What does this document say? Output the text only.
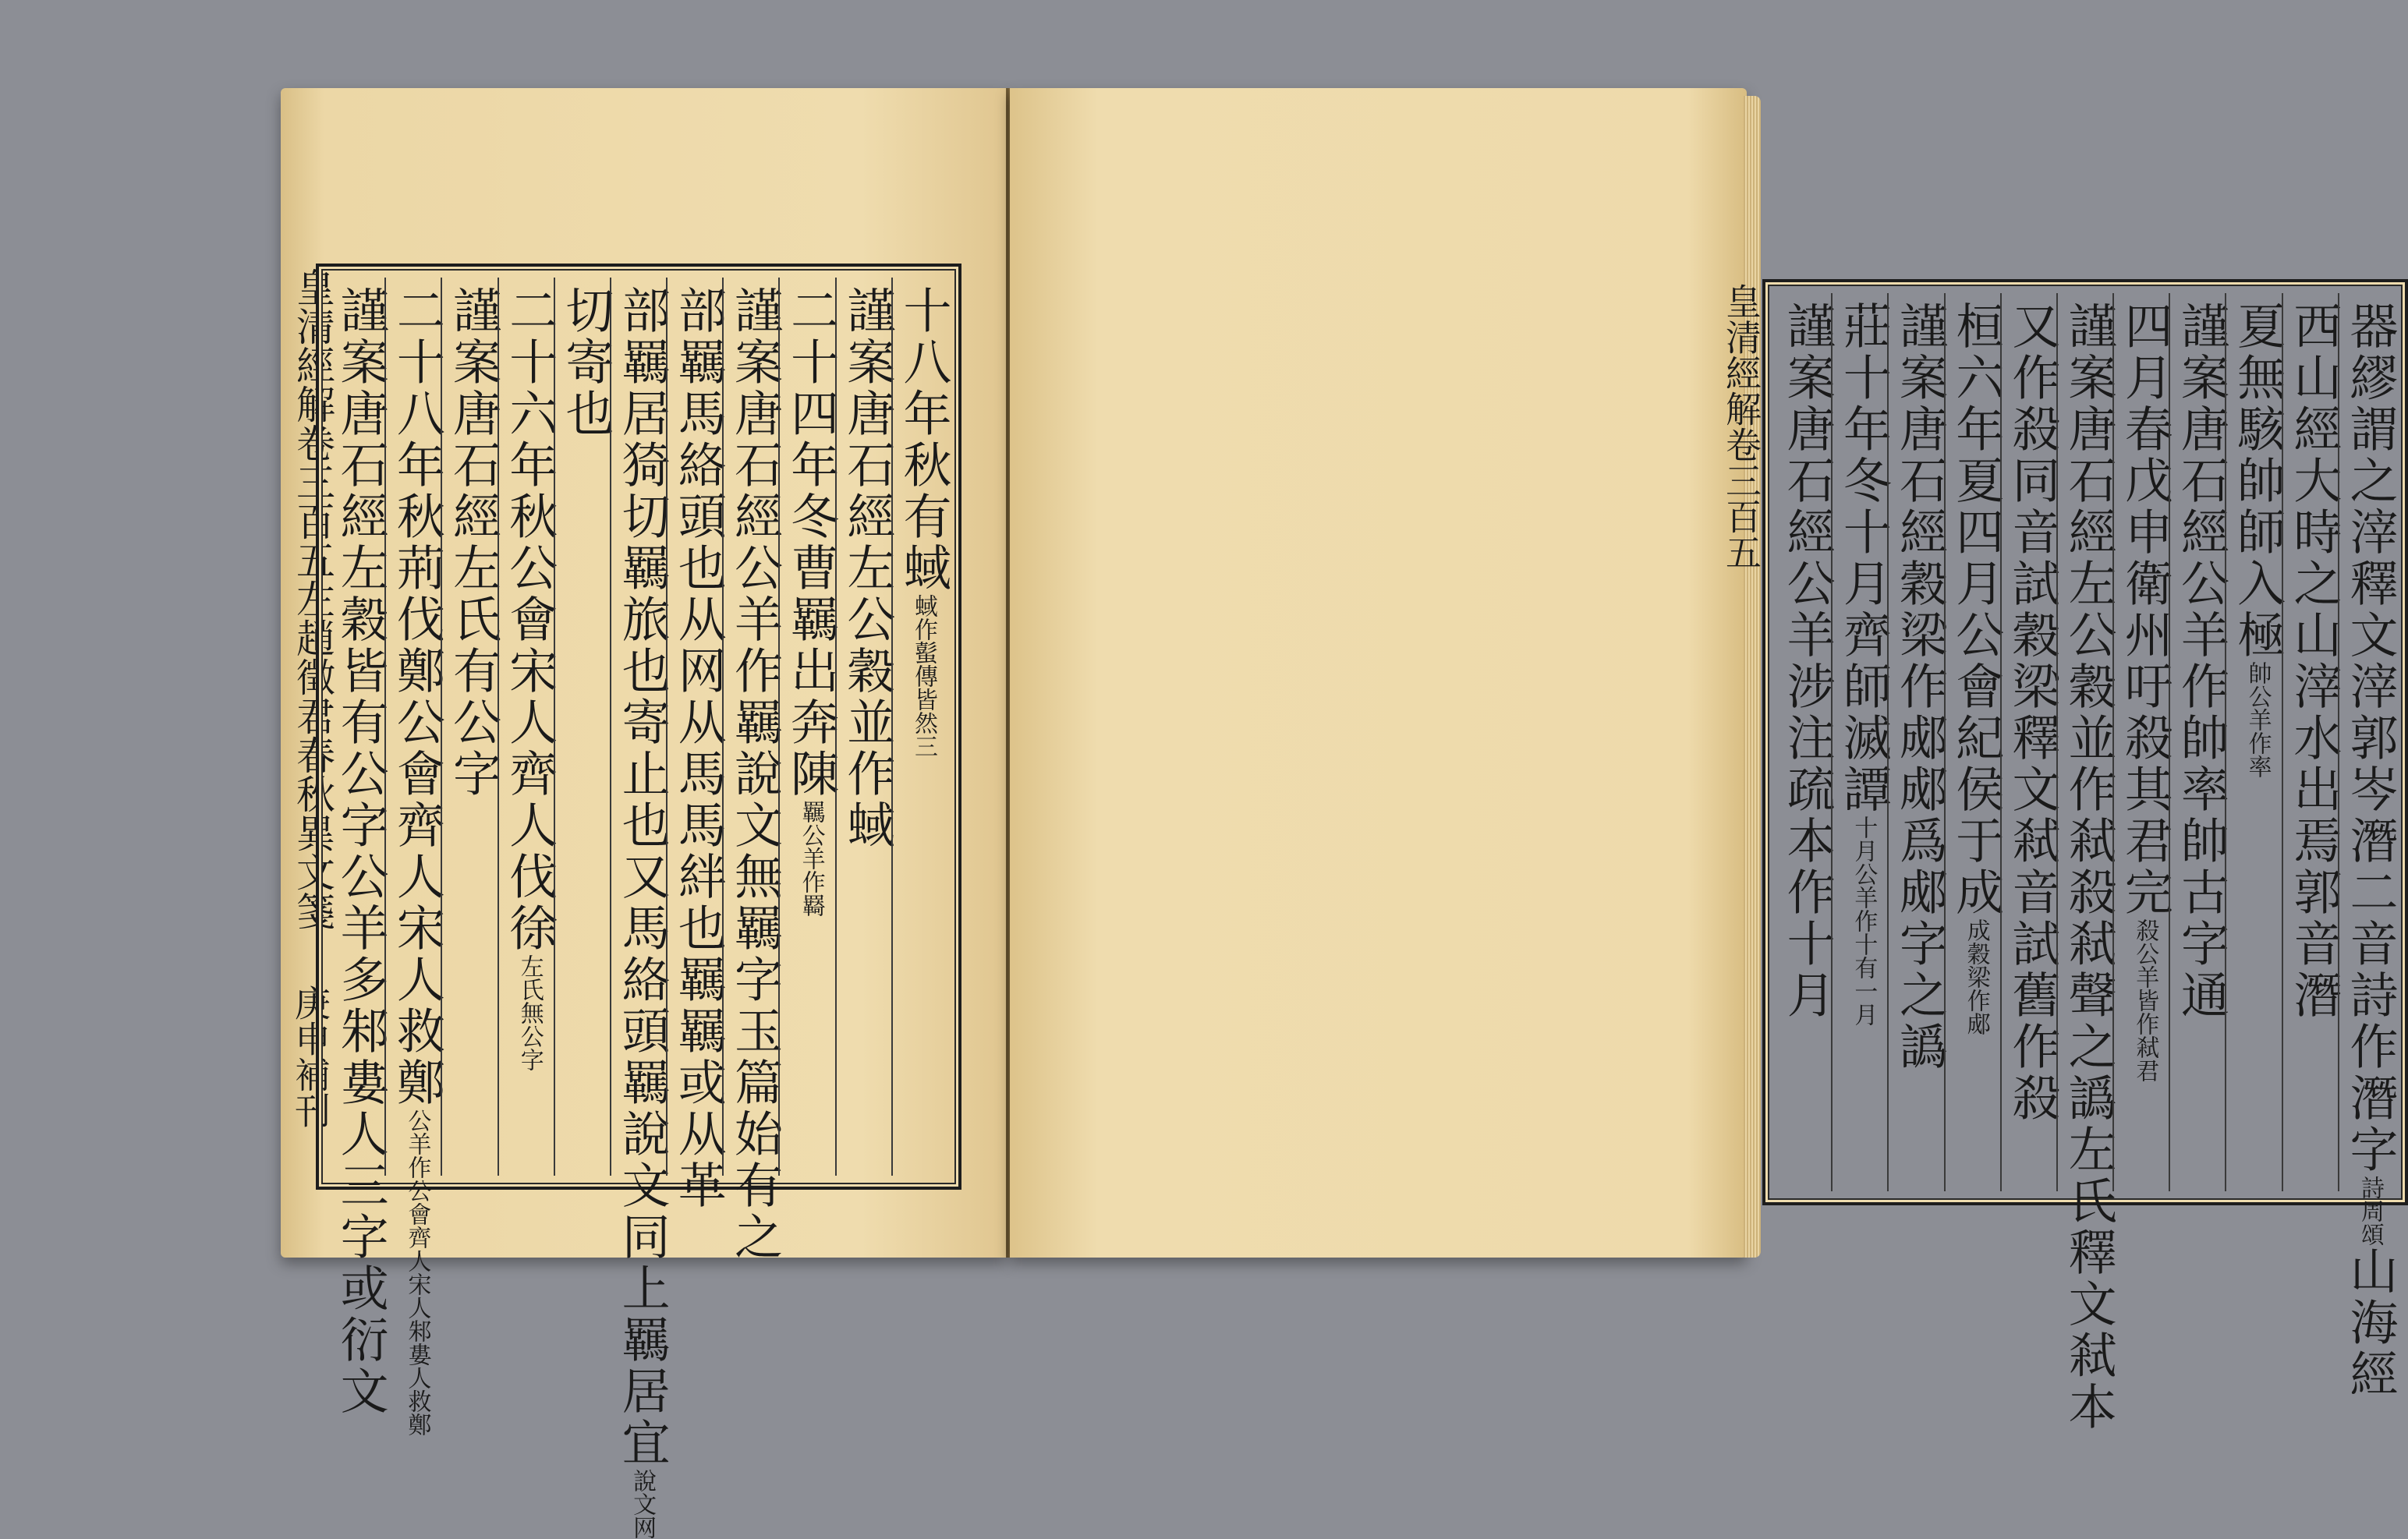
皇清經解卷三百五左趙徵君春秋異文箋
庚申補刊
十八年秋有蜮蜮作蟚傳皆然三
謹案唐石經左公穀並作蜮
二十四年冬曹羈出奔陳羈公羊作羇
謹案唐石經公羊作羈說文無羈字玉篇始有之
部羈馬絡頭也从网从馬馬絆也羈羈或从革
部羈居猗切羈旅也寄止也又馬絡頭羈說文同上羈居宜說文网
切寄也
二十六年秋公會宋人齊人伐徐左氏無公字
謹案唐石經左氏有公字
二十八年秋荊伐鄭公會齊人宋人救鄭公羊作公會齊人宋人邾婁人救鄭
謹案唐石經左穀皆有公字公羊多邾婁人三字或衍文	皇清經解卷三百五	器繆謂之滓釋文滓郭岑潛二音詩作潛字詩周頌山海經
西山經大時之山滓水出焉郭音潛
夏無駭帥師入極帥公羊作率
謹案唐石經公羊作帥率帥古字通
四月春戊申衛州吁殺其君完殺公羊皆作弒君
謹案唐石經左公穀並作弒殺弒聲之譌左氏釋文弒本
又作殺同音試穀梁釋文弒音試舊作殺
桓六年夏四月公會紀侯于成成穀梁作郕
謹案唐石經穀梁作郕郕爲郕字之譌
莊十年冬十月齊師滅譚十月公羊作十有一月
謹案唐石經公羊涉注疏本作十月
